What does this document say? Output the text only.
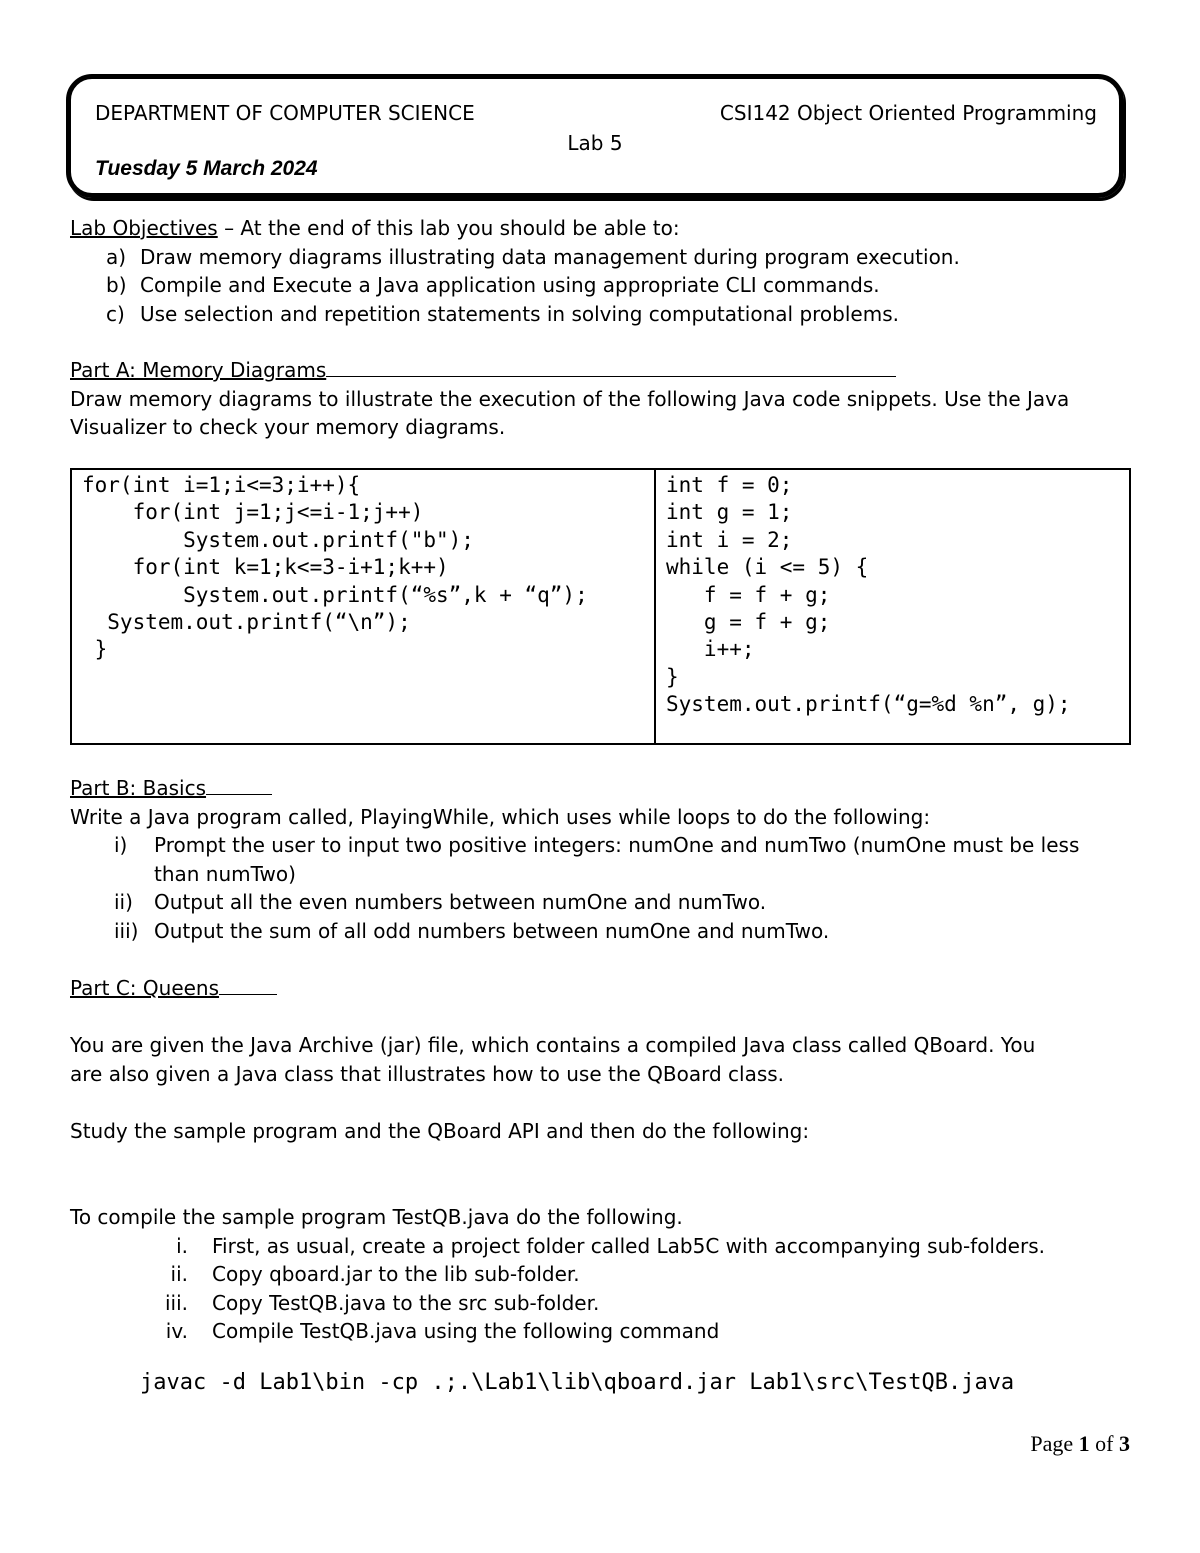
DEPARTMENT OF COMPUTER SCIENCE	CSI142 Object Oriented Programming
Lab 5
Tuesday 5 March 2024
Lab Objectives – At the end of this lab you should be able to:
a) Draw memory diagrams illustrating data management during program execution.
b) Compile and Execute a Java application using appropriate CLI commands.
c) Use selection and repetition statements in solving computational problems.
Part A: Memory Diagrams
Draw memory diagrams to illustrate the execution of the following Java code snippets. Use the Java
Visualizer to check your memory diagrams.
for(int i=1;i<=3;i++){
for(int j=1;j<=i-1;j++)
System.out.printf("b");
for(int k=1;k<=3-i+1;k++)
System.out.printf(“%s”,k + “q”);
System.out.printf(“\n”);
}
int f = 0;
int g = 1;
int i = 2;
while (i <= 5) {
f = f + g;
g = f + g;
i++;
}
System.out.printf(“g=%d %n”, g);
Part B: Basics
Write a Java program called, PlayingWhile, which uses while loops to do the following:
i) Prompt the user to input two positive integers: numOne and numTwo (numOne must be less
than numTwo)
ii) Output all the even numbers between numOne and numTwo.
iii) Output the sum of all odd numbers between numOne and numTwo.
Part C: Queens
You are given the Java Archive (jar) file, which contains a compiled Java class called QBoard. You
are also given a Java class that illustrates how to use the QBoard class.
Study the sample program and the QBoard API and then do the following:
To compile the sample program TestQB.java do the following.
i. First, as usual, create a project folder called Lab5C with accompanying sub-folders.
ii. Copy qboard.jar to the lib sub-folder.
iii. Copy TestQB.java to the src sub-folder.
iv. Compile TestQB.java using the following command
javac -d Lab1\bin -cp .;.\Lab1\lib\qboard.jar Lab1\src\TestQB.java
Page 1 of 3
